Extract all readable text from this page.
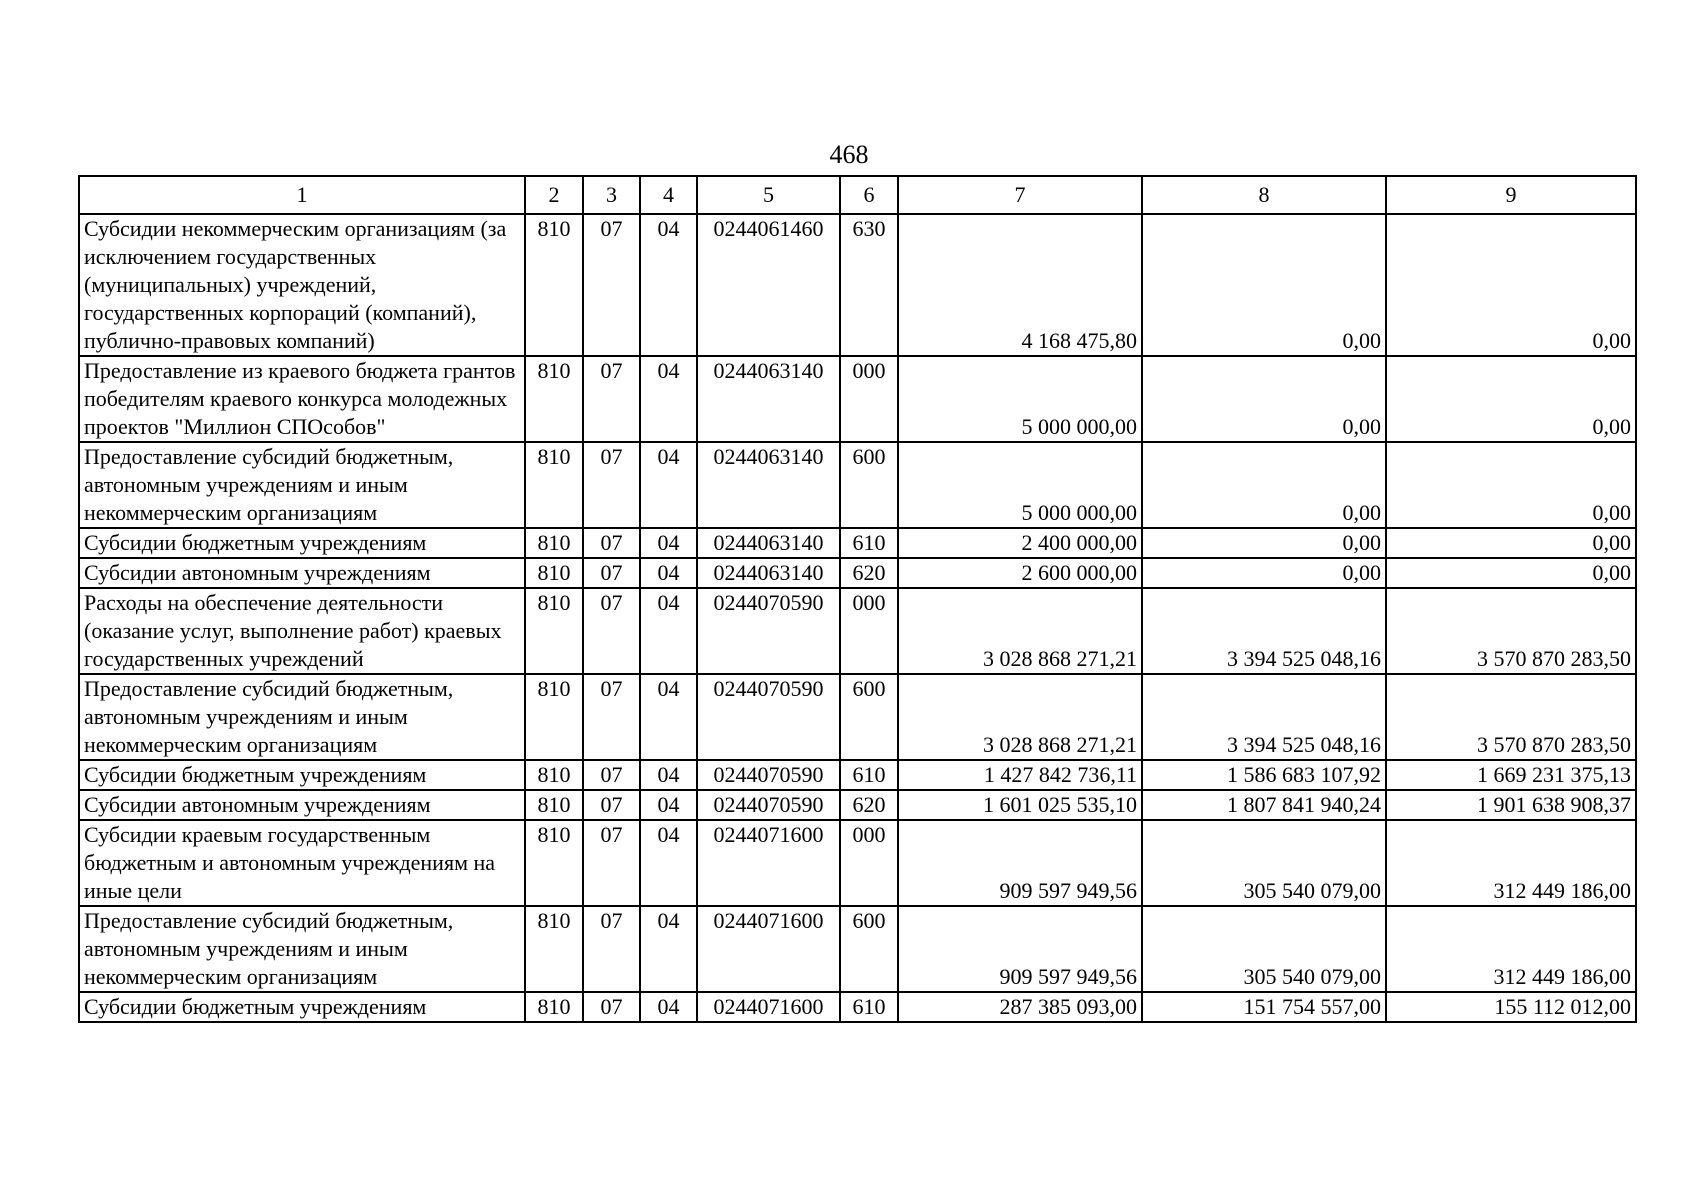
468
1	2	3	4	5	6	7	8	9
Субсидии некоммерческим организациям (за исключением государственных (муниципальных) учреждений, государственных корпораций (компаний), публично-правовых компаний)	810	07	04	0244061460	630	4 168 475,80	0,00	0,00
Предоставление из краевого бюджета грантов победителям краевого конкурса молодежных проектов "Миллион СПОсобов"	810	07	04	0244063140	000	5 000 000,00	0,00	0,00
Предоставление субсидий бюджетным, автономным учреждениям и иным некоммерческим организациям	810	07	04	0244063140	600	5 000 000,00	0,00	0,00
Субсидии бюджетным учреждениям	810	07	04	0244063140	610	2 400 000,00	0,00	0,00
Субсидии автономным учреждениям	810	07	04	0244063140	620	2 600 000,00	0,00	0,00
Расходы на обеспечение деятельности (оказание услуг, выполнение работ) краевых государственных учреждений	810	07	04	0244070590	000	3 028 868 271,21	3 394 525 048,16	3 570 870 283,50
Предоставление субсидий бюджетным, автономным учреждениям и иным некоммерческим организациям	810	07	04	0244070590	600	3 028 868 271,21	3 394 525 048,16	3 570 870 283,50
Субсидии бюджетным учреждениям	810	07	04	0244070590	610	1 427 842 736,11	1 586 683 107,92	1 669 231 375,13
Субсидии автономным учреждениям	810	07	04	0244070590	620	1 601 025 535,10	1 807 841 940,24	1 901 638 908,37
Субсидии краевым государственным бюджетным и автономным учреждениям на иные цели	810	07	04	0244071600	000	909 597 949,56	305 540 079,00	312 449 186,00
Предоставление субсидий бюджетным, автономным учреждениям и иным некоммерческим организациям	810	07	04	0244071600	600	909 597 949,56	305 540 079,00	312 449 186,00
Субсидии бюджетным учреждениям	810	07	04	0244071600	610	287 385 093,00	151 754 557,00	155 112 012,00
